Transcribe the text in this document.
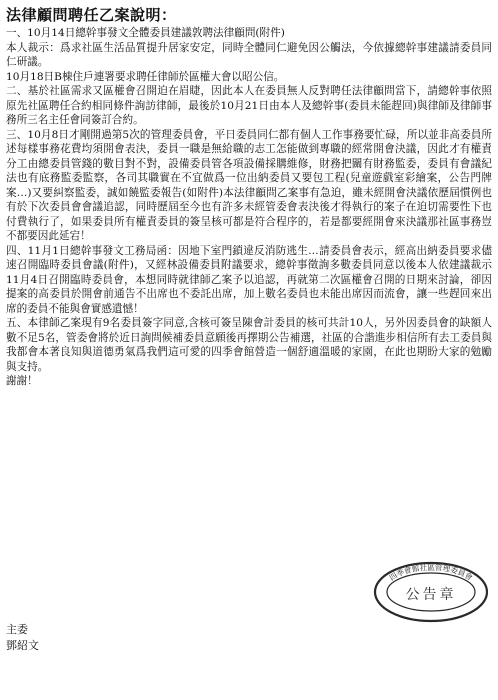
法律顧問聘任乙案說明：
一、10月14日總幹事發文全體委員建議敦聘法律顧問(附件)
本人裁示：爲求社區生活品質提升居家安定，同時全體同仁避免因公觸法，今依據總幹事建議請委員同仁研議。
10月18日B棟住戶連署要求聘任律師於區權大會以昭公信。
二、基於社區需求又區權會召開迫在眉睫，因此本人在委員無人反對聘任法律顧問當下，請總幹事依照原先社區聘任合約相同條件詢訪律師，最後於10月21日由本人及總幹事(委員未能趕回)與律師及律師事務所三名主任會同簽訂合約。
三、10月8日才剛開過第5次的管理委員會，平日委員同仁都有個人工作事務要忙碌，所以並非高委員所述每樣事務花費均須開會表決，委員一職是無給職的志工怎能做到專職的經常開會決議，因此才有權責分工由總委員管錢的數目對不對，設備委員管各項設備採購維修，財務把關有財務監委，委員有會議紀法也有底務監委監察，各司其職實在不宜做爲一位出納委員又要包工程(兒童遊戲室彩繪案，公告門牌案…)又要糾察監委，誠如饒監委報告(如附件)本法律顧問乙案事有急迫，雖未經開會決議依歷屆慣例也有於下次委員會會議追認，同時歷屆至今也有許多未經管委會表決後才得執行的案子在迫切需要性下也付費執行了，如果委員所有權責委員的簽呈核可都是符合程序的，若是都要經開會來決議那社區事務豈不都要因此延宕！
四、11月1日總幹事發文工務局函：因地下室門鎖違反消防逃生…請委員會表示，經高出納委員要求儘速召開臨時委員會議(附件)，又經林設備委員附議要求，總幹事徵詢多數委員同意以後本人依建議裁示11月4日召開臨時委員會，本想同時就律師乙案予以追認，再就第二次區權會召開的日期來討論，卻因提案的高委員於開會前通告不出席也不委託出席，加上數名委員也未能出席因而流會，讓一些趕回來出席的委員不能與會實感遺憾！
五、本律師乙案現有9名委員簽字同意,含核可簽呈陳會計委員的核可共計10人，另外因委員會的缺額人數不足5名，管委會將於近日詢問候補委員意願後再擇期公告補選，社區的合諧進步相信所有去工委員與我都會本著良知與道德勇氣爲我們這可愛的四季會館營造一個舒適溫暖的家園，在此也期盼大家的勉勵與支持。
謝謝！
主委
鄧紹文
四季會館社區管理委員會
公告章
